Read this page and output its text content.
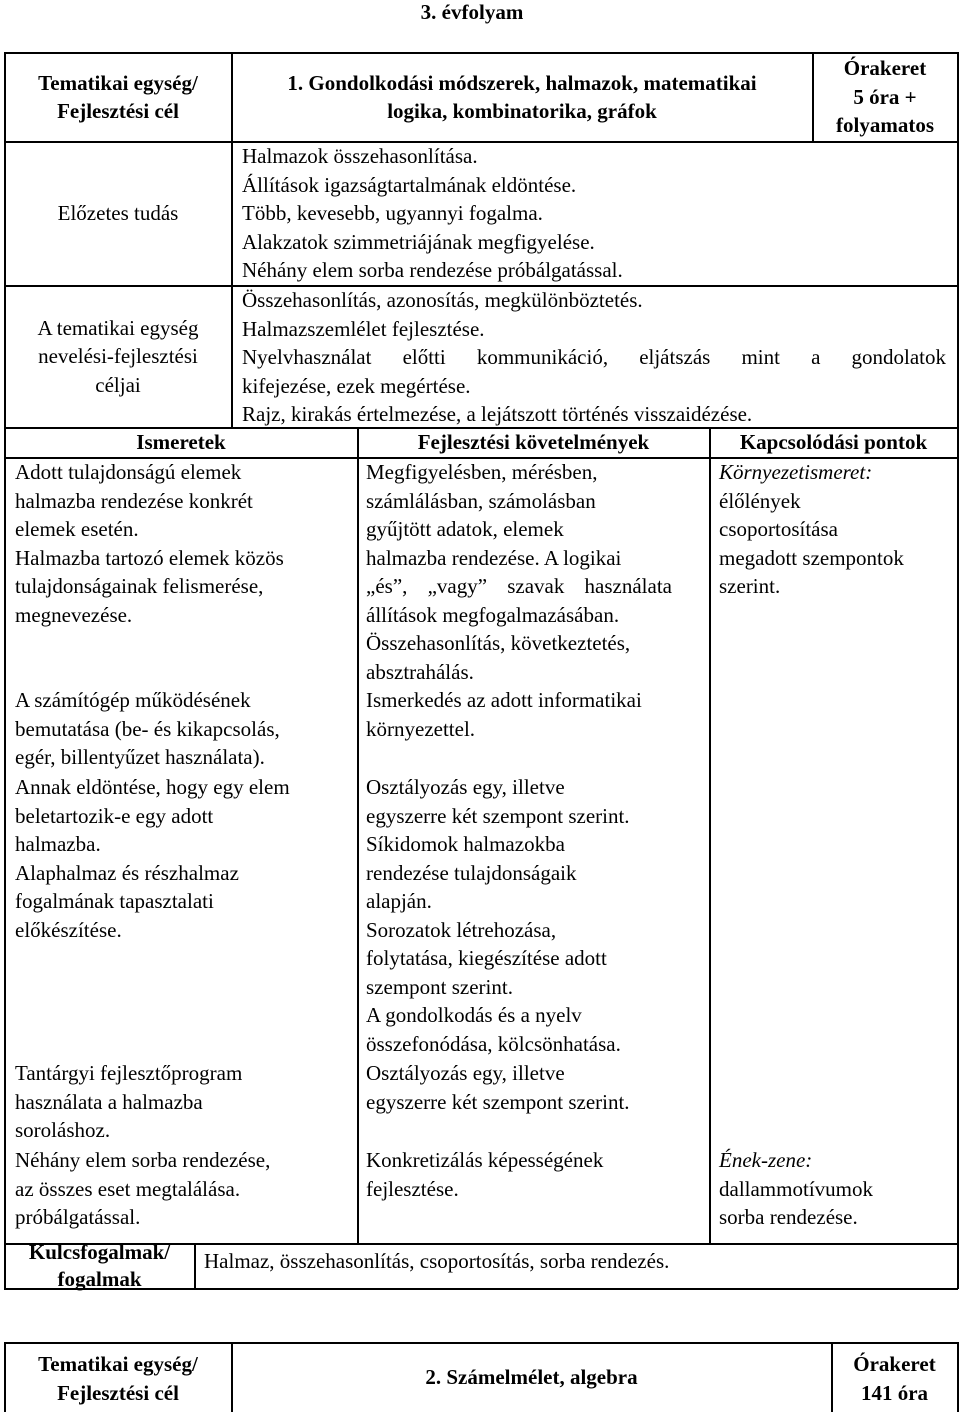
3. évfolyam
Tematikai egység/
Fejlesztési cél
1. Gondolkodási módszerek, halmazok, matematikai
logika, kombinatorika, gráfok
Órakeret
5 óra +
folyamatos
Előzetes tudás
Halmazok összehasonlítása.
Állítások igazságtartalmának eldöntése.
Több, kevesebb, ugyannyi fogalma.
Alakzatok szimmetriájának megfigyelése.
Néhány elem sorba rendezése próbálgatással.
A tematikai egység
nevelési-fejlesztési
céljai
Összehasonlítás, azonosítás, megkülönböztetés.
Halmazszemlélet fejlesztése.
Nyelvhasználat előtti kommunikáció, eljátszás mint a gondolatok
kifejezése, ezek megértése.
Rajz, kirakás értelmezése, a lejátszott történés visszaidézése.
Ismeretek	Fejlesztési követelmények	Kapcsolódási pontok
Adott tulajdonságú elemek
halmazba rendezése konkrét
elemek esetén.
Halmazba tartozó elemek közös
tulajdonságainak felismerése,
megnevezése.
A számítógép működésének
bemutatása (be- és kikapcsolás,
egér, billentyűzet használata).
Annak eldöntése, hogy egy elem
beletartozik-e egy adott
halmazba.
Alaphalmaz és részhalmaz
fogalmának tapasztalati
előkészítése.
Tantárgyi fejlesztőprogram
használata a halmazba
soroláshoz.
Néhány elem sorba rendezése,
az összes eset megtalálása.
próbálgatással.
Megfigyelésben, mérésben,
számlálásban, számolásban
gyűjtött adatok, elemek
halmazba rendezése. A logikai
„és”, „vagy” szavak használata
állítások megfogalmazásában.
Összehasonlítás, következtetés,
absztrahálás.
Ismerkedés az adott informatikai
környezettel.
Osztályozás egy, illetve
egyszerre két szempont szerint.
Síkidomok halmazokba
rendezése tulajdonságaik
alapján.
Sorozatok létrehozása,
folytatása, kiegészítése adott
szempont szerint.
A gondolkodás és a nyelv
összefonódása, kölcsönhatása.
Osztályozás egy, illetve
egyszerre két szempont szerint.
Konkretizálás képességének
fejlesztése.
Környezetismeret:
élőlények
csoportosítása
megadott szempontok
szerint.
Ének-zene:
dallammotívumok
sorba rendezése.
Kulcsfogalmak/
fogalmak
Halmaz, összehasonlítás, csoportosítás, sorba rendezés.
Tematikai egység/
Fejlesztési cél
2. Számelmélet, algebra
Órakeret
141 óra
